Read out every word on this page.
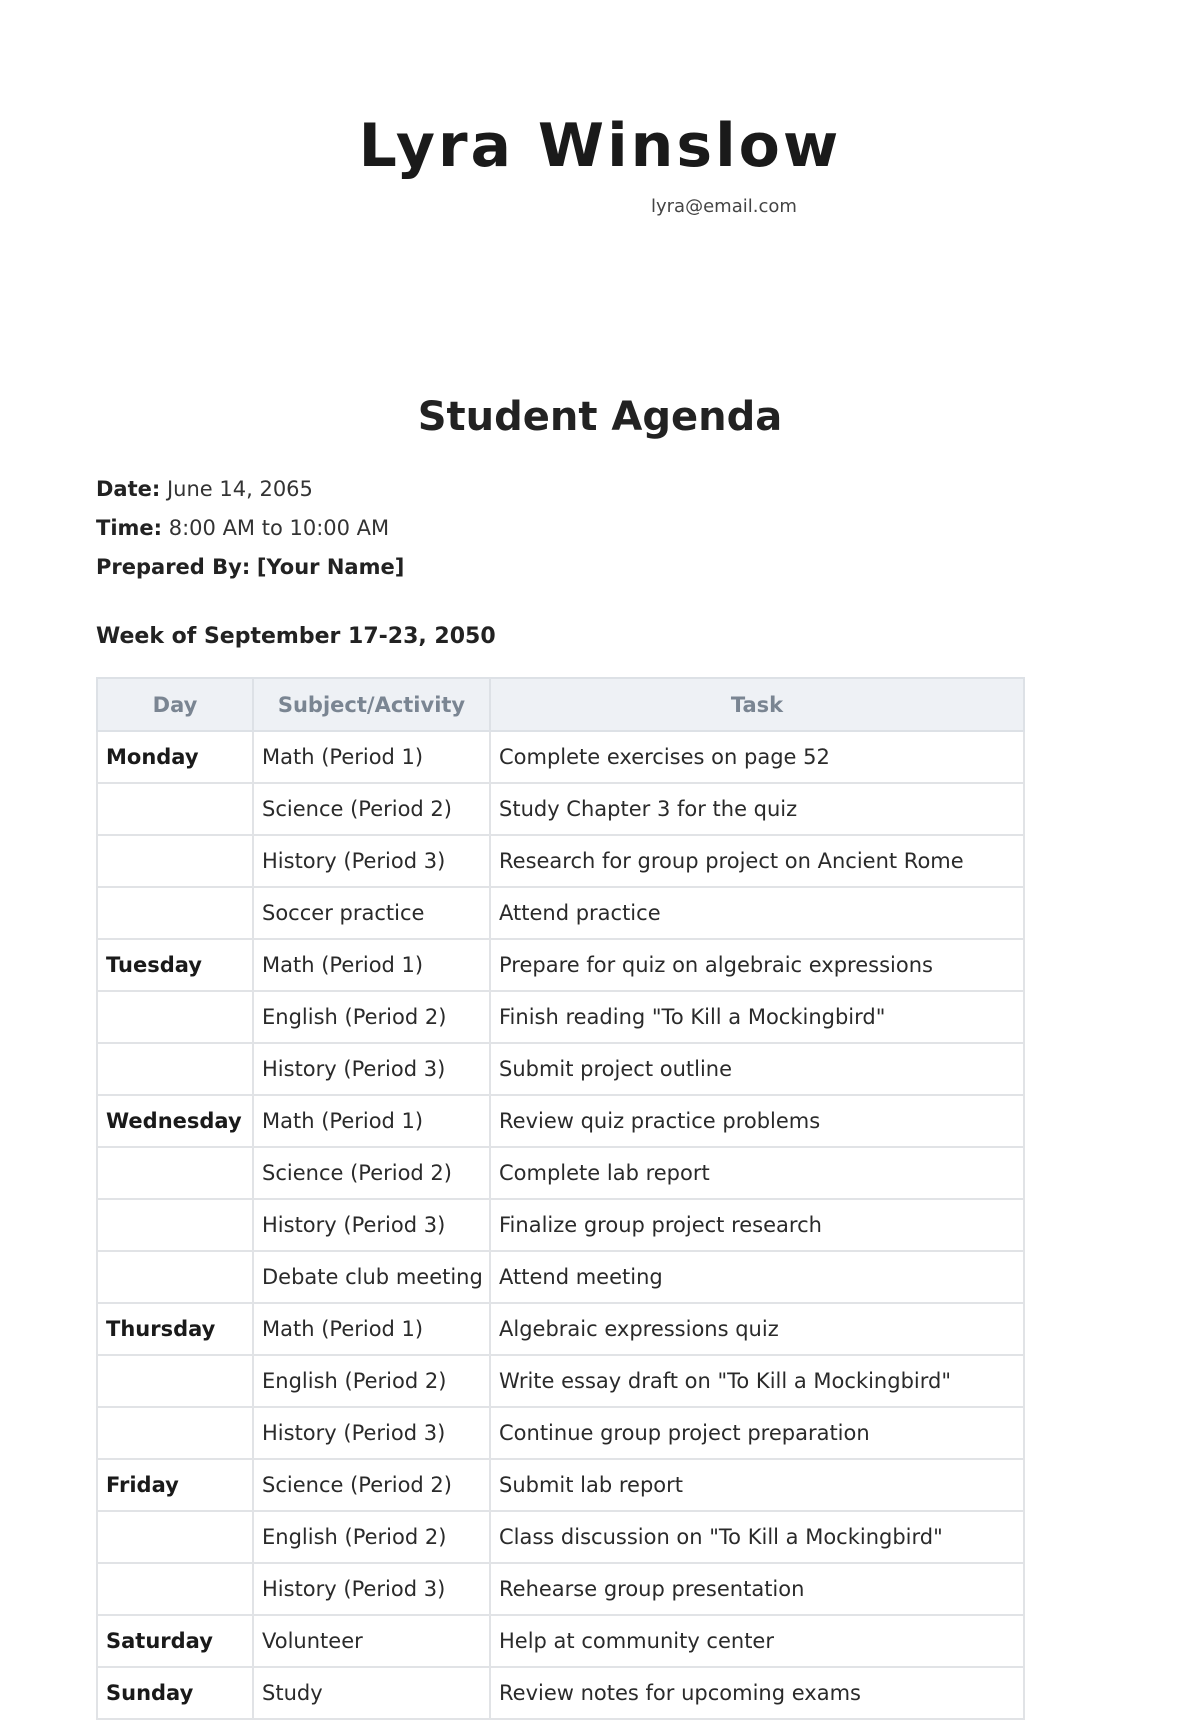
Lyra Winslow
lyra@email.com
Student Agenda
Date: June 14, 2065
Time: 8:00 AM to 10:00 AM
Prepared By: [Your Name]
Week of September 17-23, 2050
Day	Subject/Activity	Task
Monday	Math (Period 1)	Complete exercises on page 52
	Science (Period 2)	Study Chapter 3 for the quiz
	History (Period 3)	Research for group project on Ancient Rome
	Soccer practice	Attend practice
Tuesday	Math (Period 1)	Prepare for quiz on algebraic expressions
	English (Period 2)	Finish reading "To Kill a Mockingbird"
	History (Period 3)	Submit project outline
Wednesday	Math (Period 1)	Review quiz practice problems
	Science (Period 2)	Complete lab report
	History (Period 3)	Finalize group project research
	Debate club meeting	Attend meeting
Thursday	Math (Period 1)	Algebraic expressions quiz
	English (Period 2)	Write essay draft on "To Kill a Mockingbird"
	History (Period 3)	Continue group project preparation
Friday	Science (Period 2)	Submit lab report
	English (Period 2)	Class discussion on "To Kill a Mockingbird"
	History (Period 3)	Rehearse group presentation
Saturday	Volunteer	Help at community center
Sunday	Study	Review notes for upcoming exams
